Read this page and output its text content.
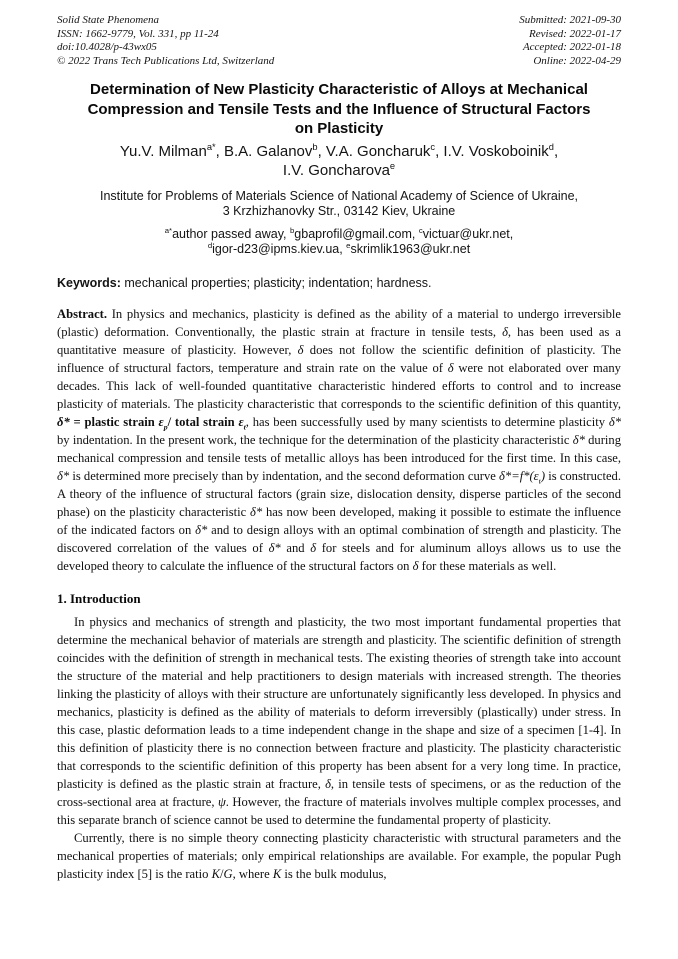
Solid State Phenomena
ISSN: 1662-9779, Vol. 331, pp 11-24
doi:10.4028/p-43wx05
© 2022 Trans Tech Publications Ltd, Switzerland
Submitted: 2021-09-30
Revised: 2022-01-17
Accepted: 2022-01-18
Online: 2022-04-29
Determination of New Plasticity Characteristic of Alloys at Mechanical
Compression and Tensile Tests and the Influence of Structural Factors
on Plasticity
Yu.V. Milman$^{a*}$, B.A. Galanov$^b$, V.A. Goncharuk$^c$, I.V. Voskoboinik$^d$,
I.V. Goncharova$^e$
Institute for Problems of Materials Science of National Academy of Science of Ukraine,
3 Krzhizhanovky Str., 03142 Kiev, Ukraine
$^{a*}$author passed away, $^b$gbaprofil@gmail.com, $^c$victuar@ukr.net,
$^d$igor-d23@ipms.kiev.ua, $^e$skrimlik1963@ukr.net
Keywords: mechanical properties; plasticity; indentation; hardness.

Abstract. In physics and mechanics, plasticity is defined as the ability of a material to undergo irreversible (plastic) deformation. Conventionally, the plastic strain at fracture in tensile tests, δ, has been used as a quantitative measure of plasticity. However, δ does not follow the scientific definition of plasticity. The influence of structural factors, temperature and strain rate on the value of δ were not elaborated over many decades. This lack of well-founded quantitative characteristic hindered efforts to control and to increase plasticity of materials. The plasticity characteristic that corresponds to the scientific definition of this quantity, δ* = plastic strain $\varepsilon_p/$ total strain $\varepsilon_t$, has been successfully used by many scientists to determine plasticity δ* by indentation. In the present work, the technique for the determination of the plasticity characteristic δ* during mechanical compression and tensile tests of metallic alloys has been introduced for the first time. In this case, δ* is determined more precisely than by indentation, and the second deformation curve $\delta*=f*(\varepsilon_t)$ is constructed. A theory of the influence of structural factors (grain size, dislocation density, disperse particles of the second phase) on the plasticity characteristic δ* has now been developed, making it possible to estimate the influence of the indicated factors on δ* and to design alloys with an optimal combination of strength and plasticity. The discovered correlation of the values of δ* and δ for steels and for aluminum alloys allows us to use the developed theory to calculate the influence of the structural factors on δ for these materials as well.

1. Introduction

In physics and mechanics of strength and plasticity, the two most important fundamental properties that determine the mechanical behavior of materials are strength and plasticity. The scientific definition of strength coincides with the definition of strength in mechanical tests. The existing theories of strength take into account the structure of the material and help practitioners to design materials with increased strength. The theories linking the plasticity of alloys with their structure are unfortunately significantly less developed. In physics and mechanics, plasticity is defined as the ability of materials to deform irreversibly (plastically) under stress. In this case, plastic deformation leads to a time independent change in the shape and size of a specimen [1-4]. In this definition of plasticity there is no connection between fracture and plasticity. The plasticity characteristic that corresponds to the scientific definition of this property has been absent for a very long time. In practice, plasticity is defined as the plastic strain at fracture, δ, in tensile tests of specimens, or as the reduction of the cross-sectional area at fracture, ψ. However, the fracture of materials involves multiple complex processes, and this separate branch of science cannot be used to determine the fundamental property of plasticity.

Currently, there is no simple theory connecting plasticity characteristic with structural parameters and the mechanical properties of materials; only empirical relationships are available. For example, the popular Pugh plasticity index [5] is the ratio K/G, where K is the bulk modulus,
